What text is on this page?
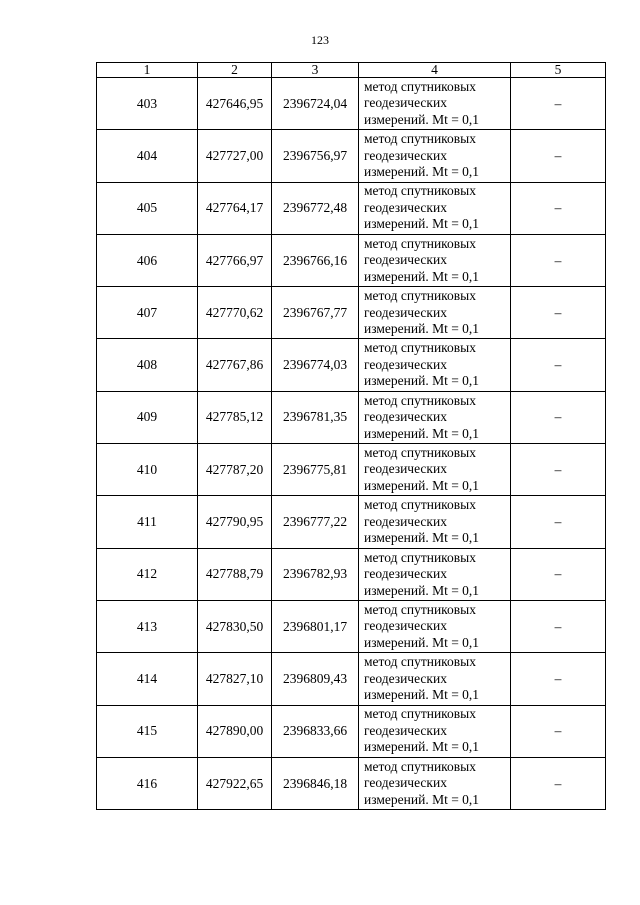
123
1	2	3	4	5
403	427646,95	2396724,04	метод спутниковых
геодезических
измерений. Mt = 0,1	–
404	427727,00	2396756,97	метод спутниковых
геодезических
измерений. Mt = 0,1	–
405	427764,17	2396772,48	метод спутниковых
геодезических
измерений. Mt = 0,1	–
406	427766,97	2396766,16	метод спутниковых
геодезических
измерений. Mt = 0,1	–
407	427770,62	2396767,77	метод спутниковых
геодезических
измерений. Mt = 0,1	–
408	427767,86	2396774,03	метод спутниковых
геодезических
измерений. Mt = 0,1	–
409	427785,12	2396781,35	метод спутниковых
геодезических
измерений. Mt = 0,1	–
410	427787,20	2396775,81	метод спутниковых
геодезических
измерений. Mt = 0,1	–
411	427790,95	2396777,22	метод спутниковых
геодезических
измерений. Mt = 0,1	–
412	427788,79	2396782,93	метод спутниковых
геодезических
измерений. Mt = 0,1	–
413	427830,50	2396801,17	метод спутниковых
геодезических
измерений. Mt = 0,1	–
414	427827,10	2396809,43	метод спутниковых
геодезических
измерений. Mt = 0,1	–
415	427890,00	2396833,66	метод спутниковых
геодезических
измерений. Mt = 0,1	–
416	427922,65	2396846,18	метод спутниковых
геодезических
измерений. Mt = 0,1	–
